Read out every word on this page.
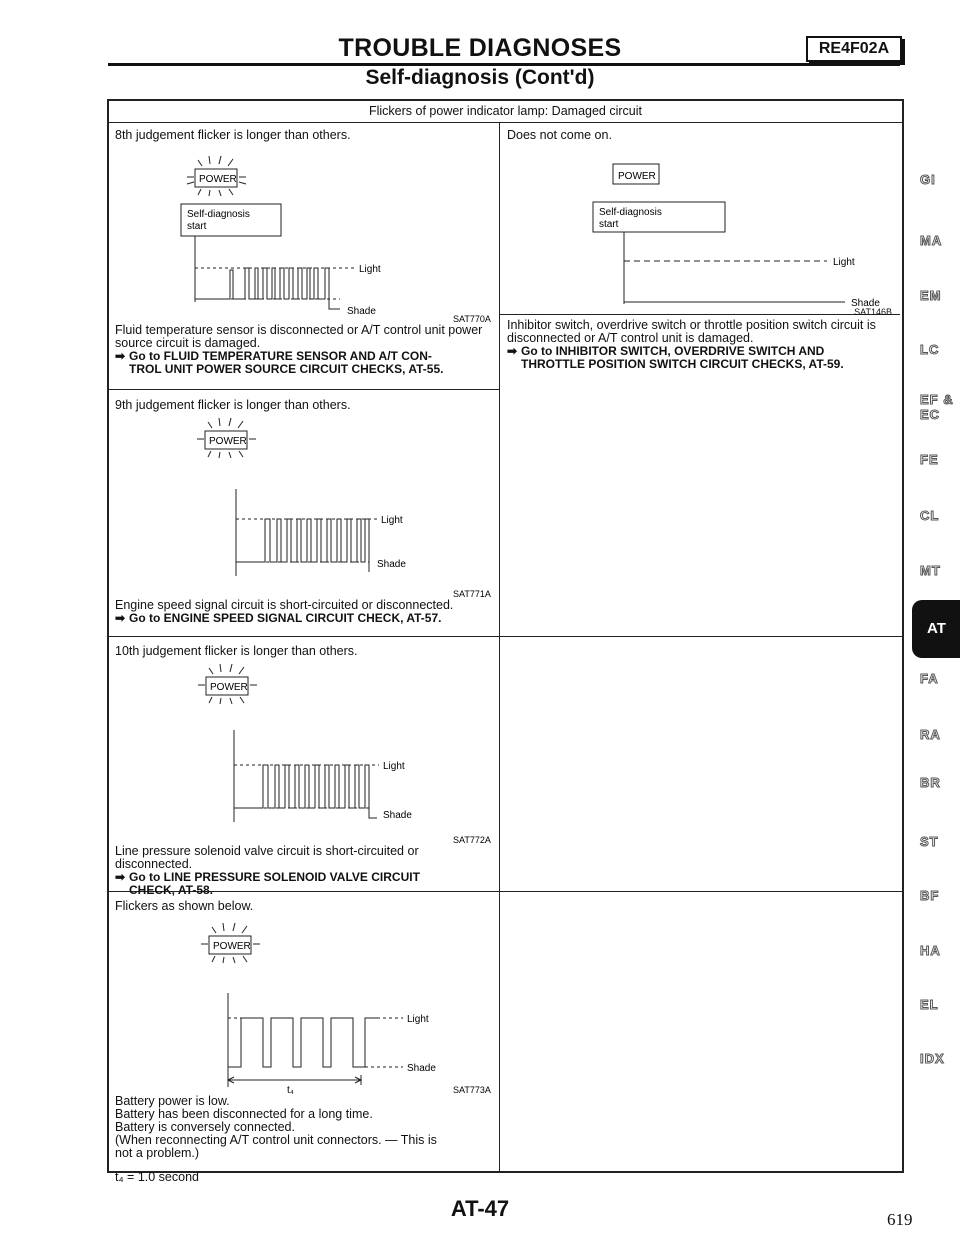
TROUBLE DIAGNOSES	RE4F02A
Self-diagnosis (Cont'd)
Flickers of power indicator lamp: Damaged circuit
8th judgement flicker is longer than others.
POWER
Self-diagnosis start
Light
Shade
SAT770A
Fluid temperature sensor is disconnected or A/T control unit power source circuit is damaged.
➡ Go to FLUID TEMPERATURE SENSOR AND A/T CON-
TROL UNIT POWER SOURCE CIRCUIT CHECKS, AT-55.
Does not come on.
POWER
Self-diagnosis start
Light
Shade
SAT146B
Inhibitor switch, overdrive switch or throttle position switch circuit is disconnected or A/T control unit is damaged.
➡ Go to INHIBITOR SWITCH, OVERDRIVE SWITCH AND
THROTTLE POSITION SWITCH CIRCUIT CHECKS, AT-59.
9th judgement flicker is longer than others.
POWER
Light
Shade
SAT771A
Engine speed signal circuit is short-circuited or disconnected.
➡ Go to ENGINE SPEED SIGNAL CIRCUIT CHECK, AT-57.
10th judgement flicker is longer than others.
POWER
Light
Shade
SAT772A
Line pressure solenoid valve circuit is short-circuited or disconnected.
➡ Go to LINE PRESSURE SOLENOID VALVE CIRCUIT
CHECK, AT-58.
Flickers as shown below.
POWER
Light
Shade
t₄	SAT773A
Battery power is low.
Battery has been disconnected for a long time.
Battery is conversely connected.
(When reconnecting A/T control unit connectors. — This is
not a problem.)
t₄ = 1.0 second
AT-47	619
GI
MA
EM
LC
EF &
EC
FE
CL
MT
AT
FA
RA
BR
ST
BF
HA
EL
IDX
